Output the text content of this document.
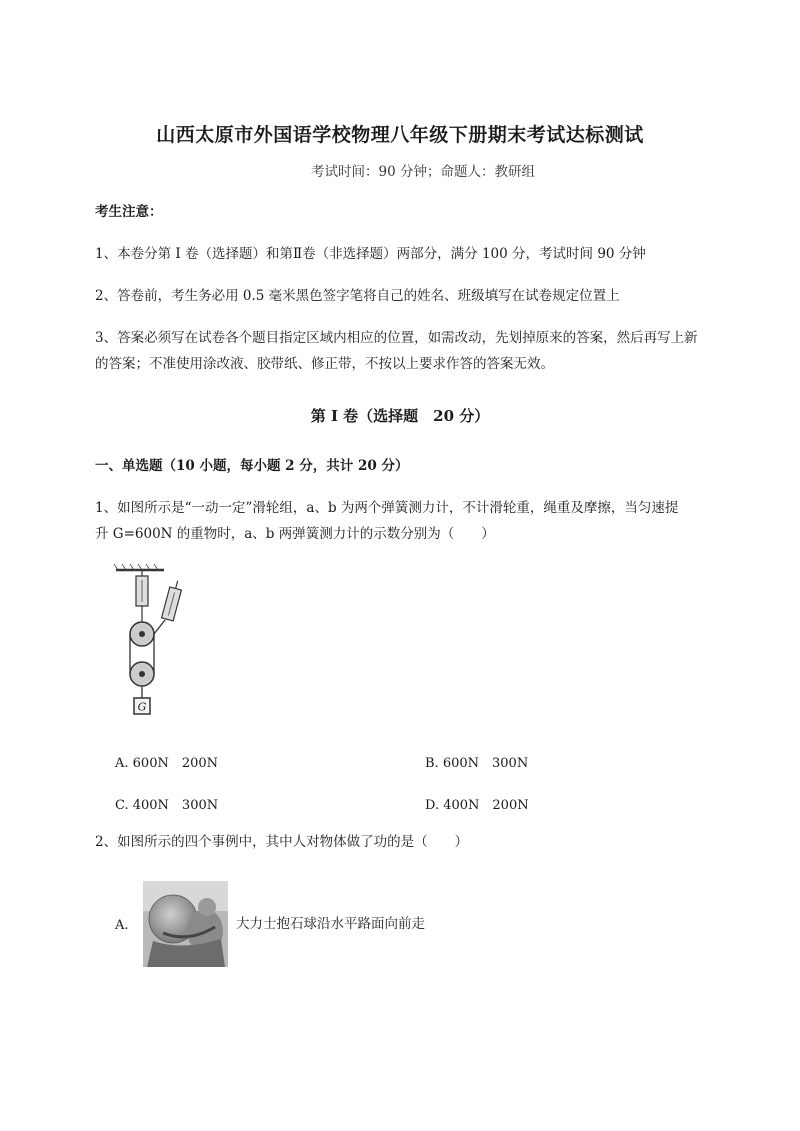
山西太原市外国语学校物理八年级下册期末考试达标测试
考试时间：90 分钟；命题人：教研组
考生注意：
1、本卷分第 I 卷（选择题）和第Ⅱ卷（非选择题）两部分，满分 100 分，考试时间 90 分钟
2、答卷前，考生务必用 0.5 毫米黑色签字笔将自己的姓名、班级填写在试卷规定位置上
3、答案必须写在试卷各个题目指定区域内相应的位置，如需改动，先划掉原来的答案，然后再写上新
的答案；不准使用涂改液、胶带纸、修正带，不按以上要求作答的答案无效。
第 I 卷（选择题　20 分）
一、单选题（10 小题，每小题 2 分，共计 20 分）
1、如图所示是“一动一定”滑轮组，a、b 为两个弹簧测力计，不计滑轮重，绳重及摩擦，当匀速提
升 G=600N 的重物时，a、b 两弹簧测力计的示数分别为（　　）
G
A. 600N　200N	B. 600N　300N
C. 400N　300N	D. 400N　200N
2、如图所示的四个事例中，其中人对物体做了功的是（　　）
A.	大力士抱石球沿水平路面向前走
